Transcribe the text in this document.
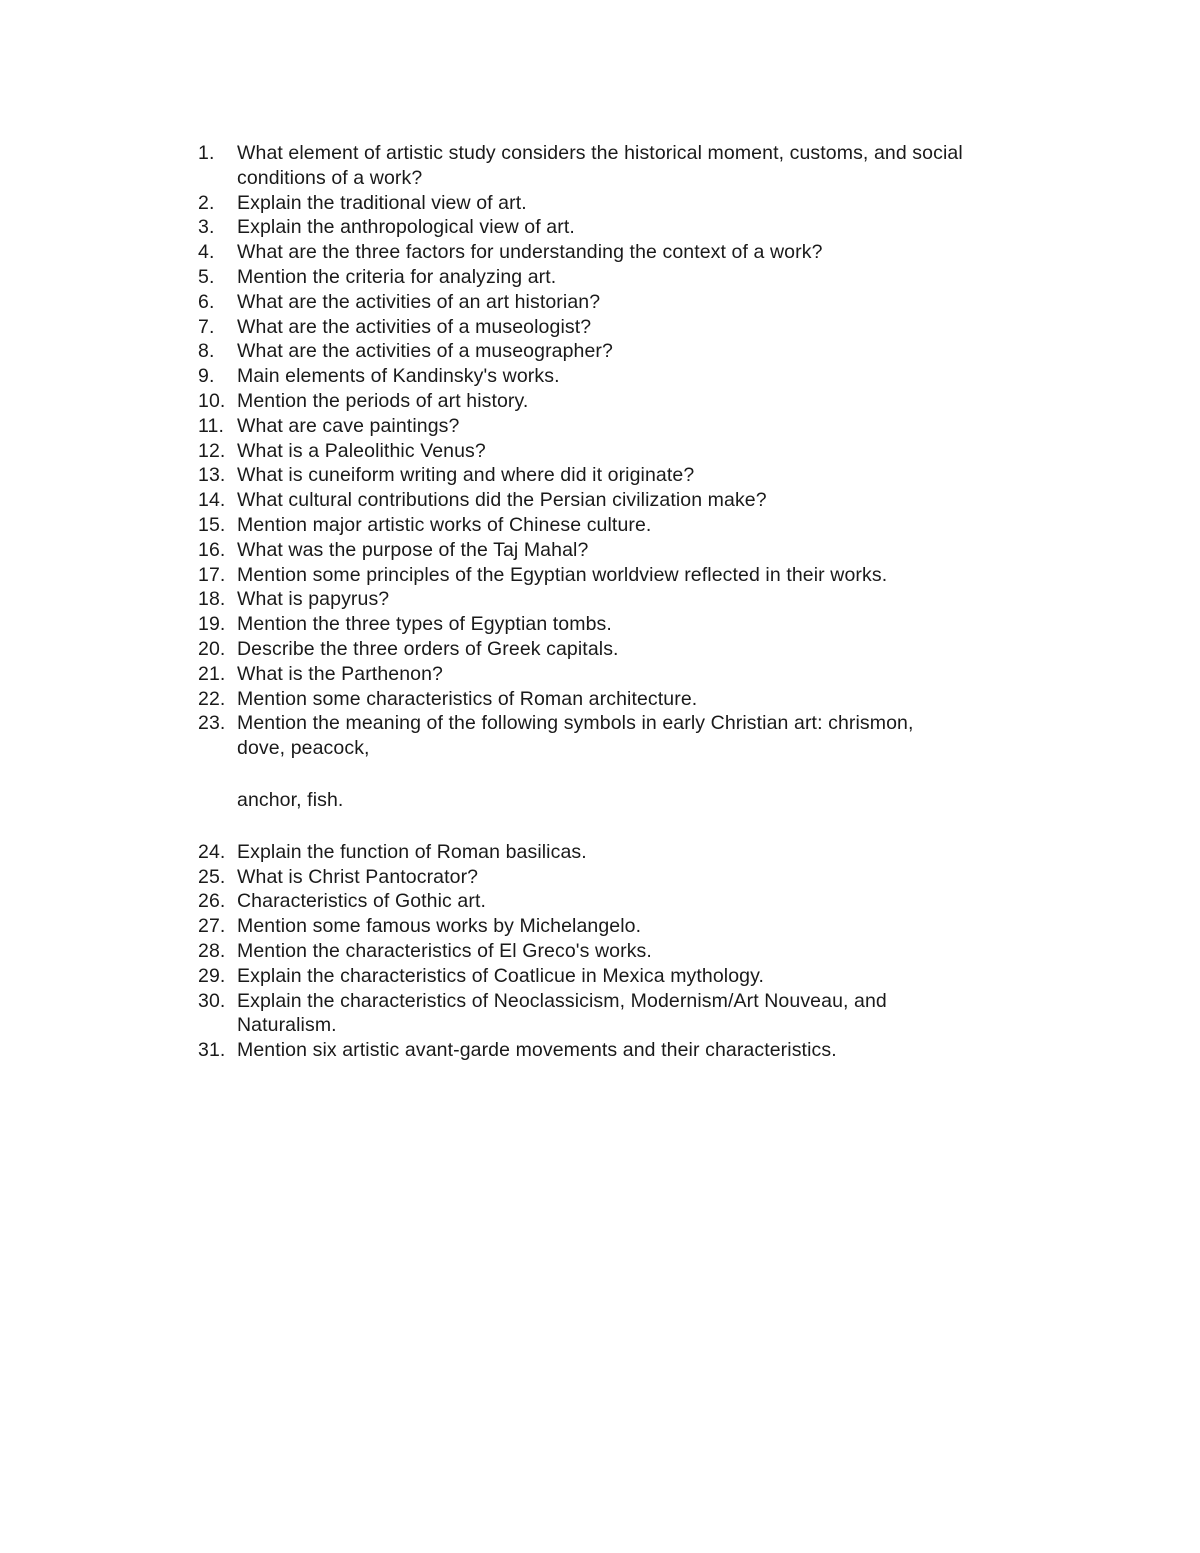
1.	What element of artistic study considers the historical moment, customs, and social
conditions of a work?
2.	Explain the traditional view of art.
3.	Explain the anthropological view of art.
4.	What are the three factors for understanding the context of a work?
5.	Mention the criteria for analyzing art.
6.	What are the activities of an art historian?
7.	What are the activities of a museologist?
8.	What are the activities of a museographer?
9.	Main elements of Kandinsky's works.
10. Mention the periods of art history.
11. What are cave paintings?
12. What is a Paleolithic Venus?
13. What is cuneiform writing and where did it originate?
14. What cultural contributions did the Persian civilization make?
15. Mention major artistic works of Chinese culture.
16. What was the purpose of the Taj Mahal?
17. Mention some principles of the Egyptian worldview reflected in their works.
18. What is papyrus?
19. Mention the three types of Egyptian tombs.
20. Describe the three orders of Greek capitals.
21. What is the Parthenon?
22. Mention some characteristics of Roman architecture.
23. Mention the meaning of the following symbols in early Christian art: chrismon,
dove, peacock,
anchor, fish.
24. Explain the function of Roman basilicas.
25. What is Christ Pantocrator?
26. Characteristics of Gothic art.
27. Mention some famous works by Michelangelo.
28. Mention the characteristics of El Greco's works.
29. Explain the characteristics of Coatlicue in Mexica mythology.
30. Explain the characteristics of Neoclassicism, Modernism/Art Nouveau, and
Naturalism.
31. Mention six artistic avant-garde movements and their characteristics.
